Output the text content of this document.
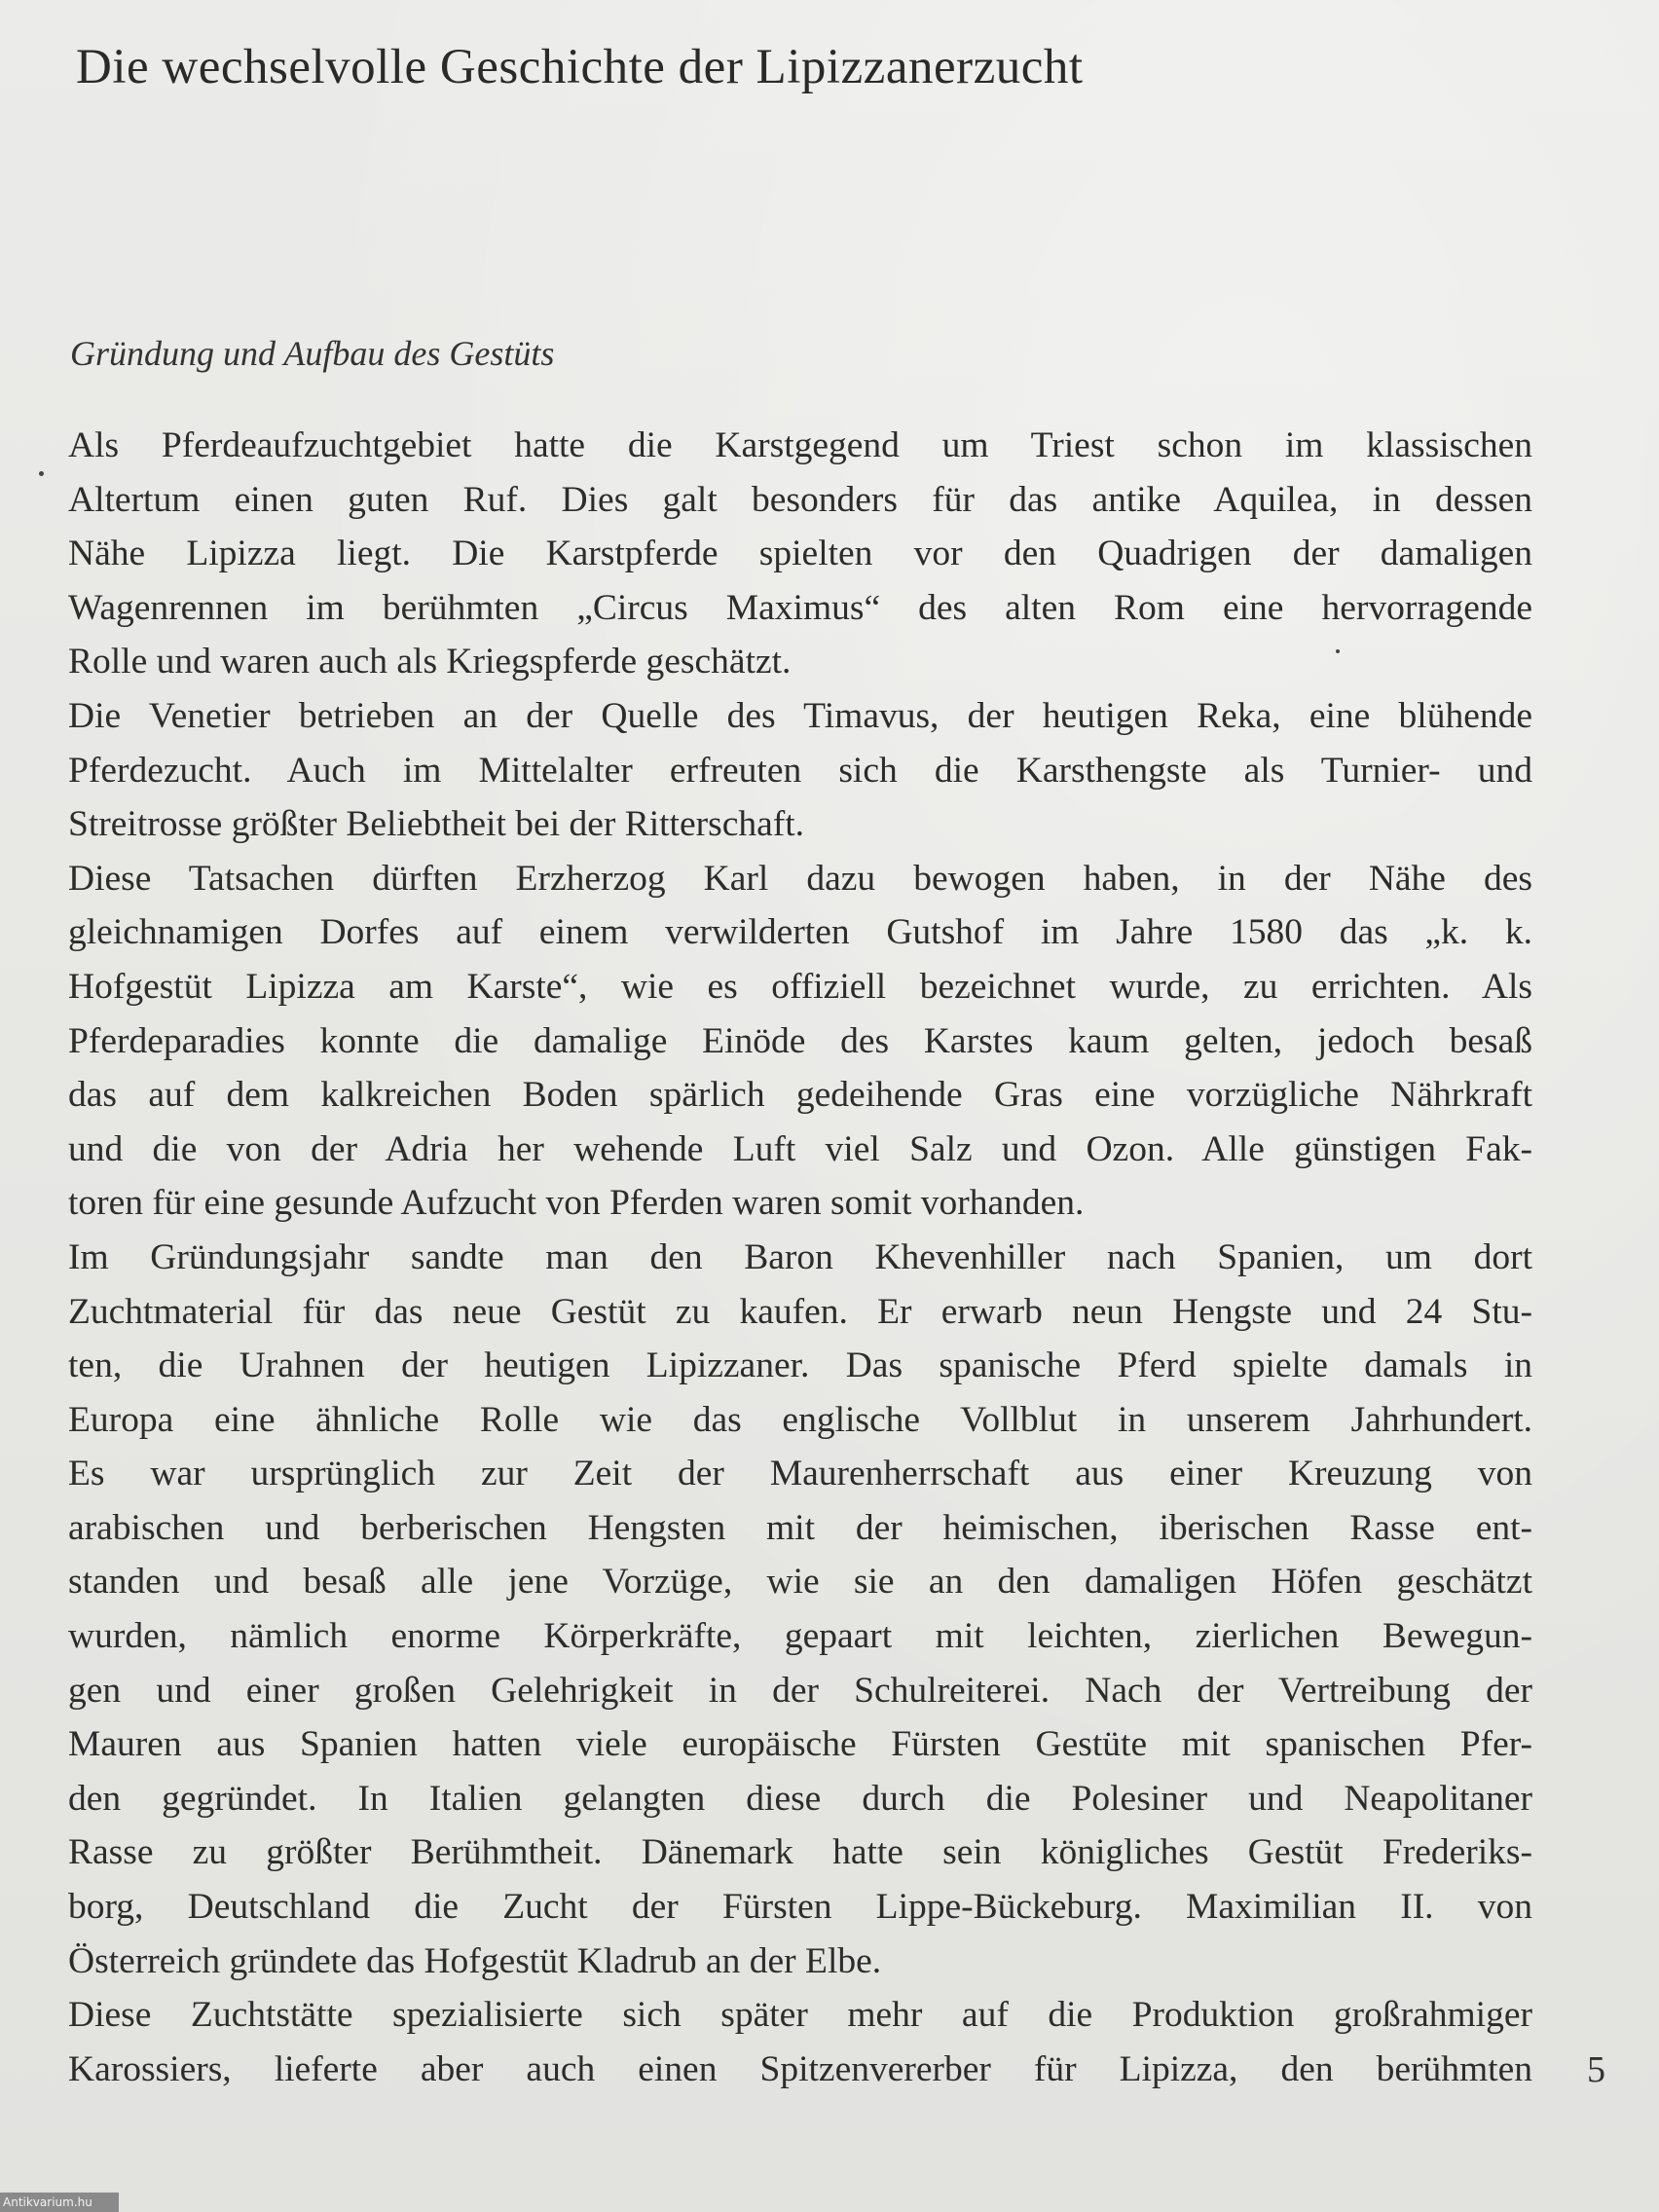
Die wechselvolle Geschichte der Lipizzanerzucht
Gründung und Aufbau des Gestüts
Als Pferdeaufzuchtgebiet hatte die Karstgegend um Triest schon im klassischen
Altertum einen guten Ruf. Dies galt besonders für das antike Aquilea, in dessen
Nähe Lipizza liegt. Die Karstpferde spielten vor den Quadrigen der damaligen
Wagenrennen im berühmten „Circus Maximus“ des alten Rom eine hervorragende
Rolle und waren auch als Kriegspferde geschätzt.
Die Venetier betrieben an der Quelle des Timavus, der heutigen Reka, eine blühende
Pferdezucht. Auch im Mittelalter erfreuten sich die Karsthengste als Turnier- und
Streitrosse größter Beliebtheit bei der Ritterschaft.
Diese Tatsachen dürften Erzherzog Karl dazu bewogen haben, in der Nähe des
gleichnamigen Dorfes auf einem verwilderten Gutshof im Jahre 1580 das „k. k.
Hofgestüt Lipizza am Karste“, wie es offiziell bezeichnet wurde, zu errichten. Als
Pferdeparadies konnte die damalige Einöde des Karstes kaum gelten, jedoch besaß
das auf dem kalkreichen Boden spärlich gedeihende Gras eine vorzügliche Nährkraft
und die von der Adria her wehende Luft viel Salz und Ozon. Alle günstigen Fak-
toren für eine gesunde Aufzucht von Pferden waren somit vorhanden.
Im Gründungsjahr sandte man den Baron Khevenhiller nach Spanien, um dort
Zuchtmaterial für das neue Gestüt zu kaufen. Er erwarb neun Hengste und 24 Stu-
ten, die Urahnen der heutigen Lipizzaner. Das spanische Pferd spielte damals in
Europa eine ähnliche Rolle wie das englische Vollblut in unserem Jahrhundert.
Es war ursprünglich zur Zeit der Maurenherrschaft aus einer Kreuzung von
arabischen und berberischen Hengsten mit der heimischen, iberischen Rasse ent-
standen und besaß alle jene Vorzüge, wie sie an den damaligen Höfen geschätzt
wurden, nämlich enorme Körperkräfte, gepaart mit leichten, zierlichen Bewegun-
gen und einer großen Gelehrigkeit in der Schulreiterei. Nach der Vertreibung der
Mauren aus Spanien hatten viele europäische Fürsten Gestüte mit spanischen Pfer-
den gegründet. In Italien gelangten diese durch die Polesiner und Neapolitaner
Rasse zu größter Berühmtheit. Dänemark hatte sein königliches Gestüt Frederiks-
borg, Deutschland die Zucht der Fürsten Lippe-Bückeburg. Maximilian II. von
Österreich gründete das Hofgestüt Kladrub an der Elbe.
Diese Zuchtstätte spezialisierte sich später mehr auf die Produktion großrahmiger
Karossiers, lieferte aber auch einen Spitzenvererber für Lipizza, den berühmten 5
Antikvarium.hu
